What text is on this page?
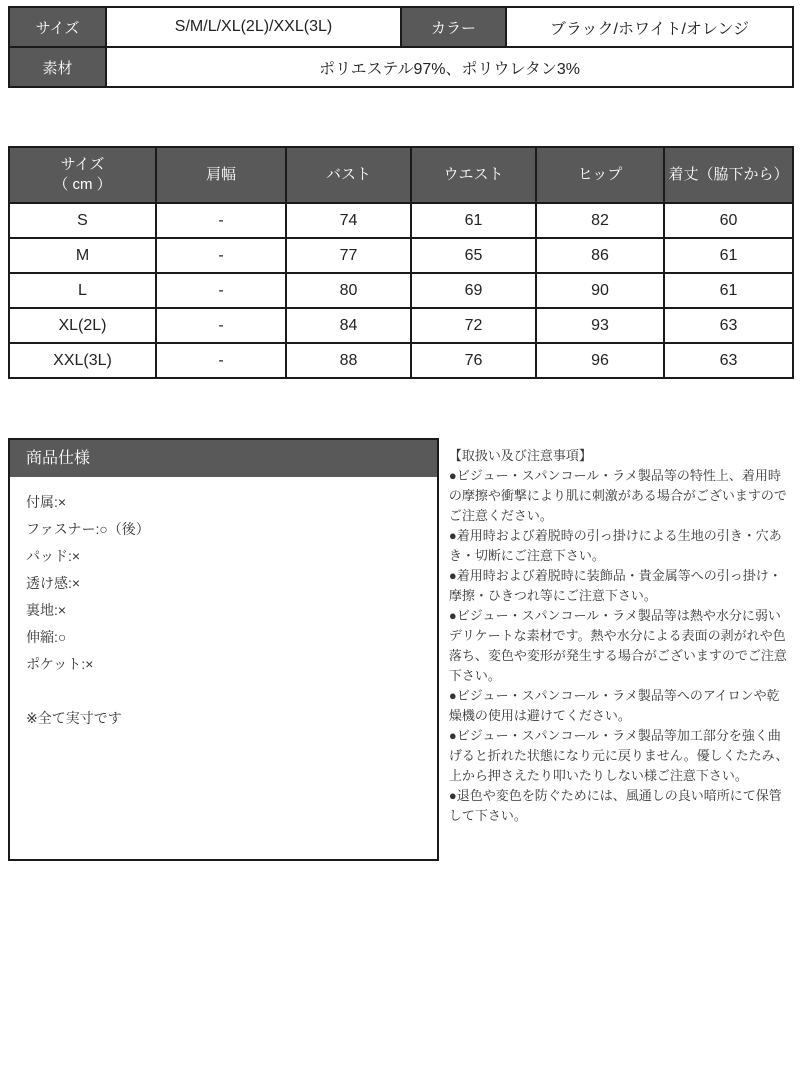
サイズ	S/M/L/XL(2L)/XXL(3L)	カラー	ブラック/ホワイト/オレンジ
素材	ポリエステル97%、ポリウレタン3%		
サイズ
（ cm ）	肩幅	バスト	ウエスト	ヒップ	着丈（脇下から）
S	-	74	61	82	60
M	-	77	65	86	61
L	-	80	69	90	61
XL(2L)	-	84	72	93	63
XXL(3L)	-	88	76	96	63
商品仕様

付属:×

ファスナー:○（後）

パッド:×

透け感:×

裏地:×

伸縮:○

ポケット:×

※全て実寸です

【取扱い及び注意事項】

●ビジュー・スパンコール・ラメ製品等の特性上、着用時の摩擦や衝撃により肌に刺激がある場合がございますのでご注意ください。

●着用時および着脱時の引っ掛けによる生地の引き・穴あき・切断にご注意下さい。

●着用時および着脱時に装飾品・貴金属等への引っ掛け・摩擦・ひきつれ等にご注意下さい。

●ビジュー・スパンコール・ラメ製品等は熱や水分に弱いデリケートな素材です。熱や水分による表面の剥がれや色落ち、変色や変形が発生する場合がございますのでご注意下さい。

●ビジュー・スパンコール・ラメ製品等へのアイロンや乾燥機の使用は避けてください。

●ビジュー・スパンコール・ラメ製品等加工部分を強く曲げると折れた状態になり元に戻りません。優しくたたみ、上から押さえたり叩いたりしない様ご注意下さい。

●退色や変色を防ぐためには、風通しの良い暗所にて保管して下さい。
